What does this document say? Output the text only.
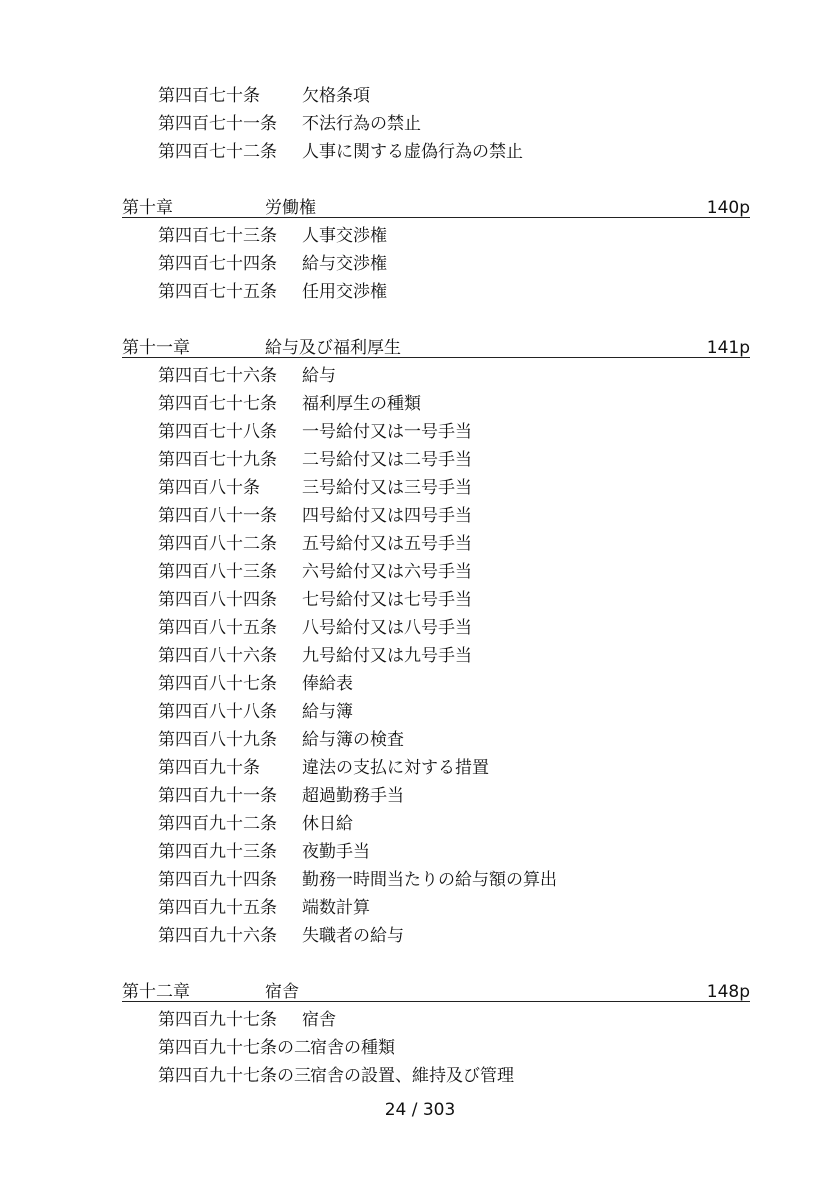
第四百七十条 欠格条項
第四百七十一条 不法行為の禁止
第四百七十二条 人事に関する虚偽行為の禁止
第十章	労働権	140p
第四百七十三条 人事交渉権
第四百七十四条 給与交渉権
第四百七十五条 任用交渉権
第十一章	給与及び福利厚生	141p
第四百七十六条 給与
第四百七十七条 福利厚生の種類
第四百七十八条 一号給付又は一号手当
第四百七十九条 二号給付又は二号手当
第四百八十条 三号給付又は三号手当
第四百八十一条 四号給付又は四号手当
第四百八十二条 五号給付又は五号手当
第四百八十三条 六号給付又は六号手当
第四百八十四条 七号給付又は七号手当
第四百八十五条 八号給付又は八号手当
第四百八十六条 九号給付又は九号手当
第四百八十七条 俸給表
第四百八十八条 給与簿
第四百八十九条 給与簿の検査
第四百九十条 違法の支払に対する措置
第四百九十一条 超過勤務手当
第四百九十二条 休日給
第四百九十三条 夜勤手当
第四百九十四条 勤務一時間当たりの給与額の算出
第四百九十五条 端数計算
第四百九十六条 失職者の給与
第十二章	宿舎	148p
第四百九十七条 宿舎
第四百九十七条の二 宿舎の種類
第四百九十七条の三 宿舎の設置、維持及び管理
24 / 303
